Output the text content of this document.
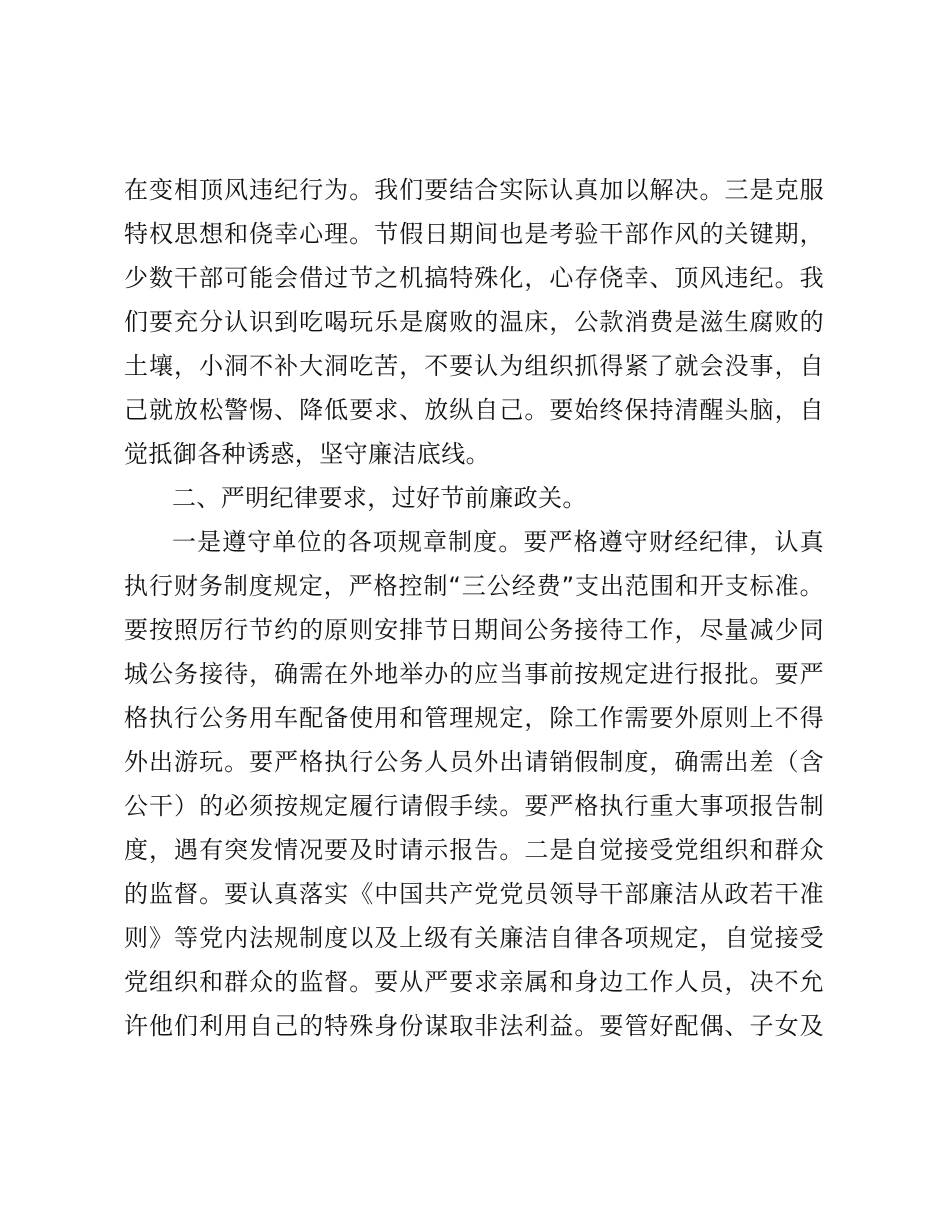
在变相顶风违纪行为。我们要结合实际认真加以解决。三是克服
特权思想和侥幸心理。节假日期间也是考验干部作风的关键期，
少数干部可能会借过节之机搞特殊化，心存侥幸、顶风违纪。我
们要充分认识到吃喝玩乐是腐败的温床，公款消费是滋生腐败的
土壤，小洞不补大洞吃苦，不要认为组织抓得紧了就会没事，自
己就放松警惕、降低要求、放纵自己。要始终保持清醒头脑，自
觉抵御各种诱惑，坚守廉洁底线。
二、严明纪律要求，过好节前廉政关。
一是遵守单位的各项规章制度。要严格遵守财经纪律，认真
执行财务制度规定，严格控制“三公经费”支出范围和开支标准。
要按照厉行节约的原则安排节日期间公务接待工作，尽量减少同
城公务接待，确需在外地举办的应当事前按规定进行报批。要严
格执行公务用车配备使用和管理规定，除工作需要外原则上不得
外出游玩。要严格执行公务人员外出请销假制度，确需出差（含
公干）的必须按规定履行请假手续。要严格执行重大事项报告制
度，遇有突发情况要及时请示报告。二是自觉接受党组织和群众
的监督。要认真落实《中国共产党党员领导干部廉洁从政若干准
则》等党内法规制度以及上级有关廉洁自律各项规定，自觉接受
党组织和群众的监督。要从严要求亲属和身边工作人员，决不允
许他们利用自己的特殊身份谋取非法利益。要管好配偶、子女及
